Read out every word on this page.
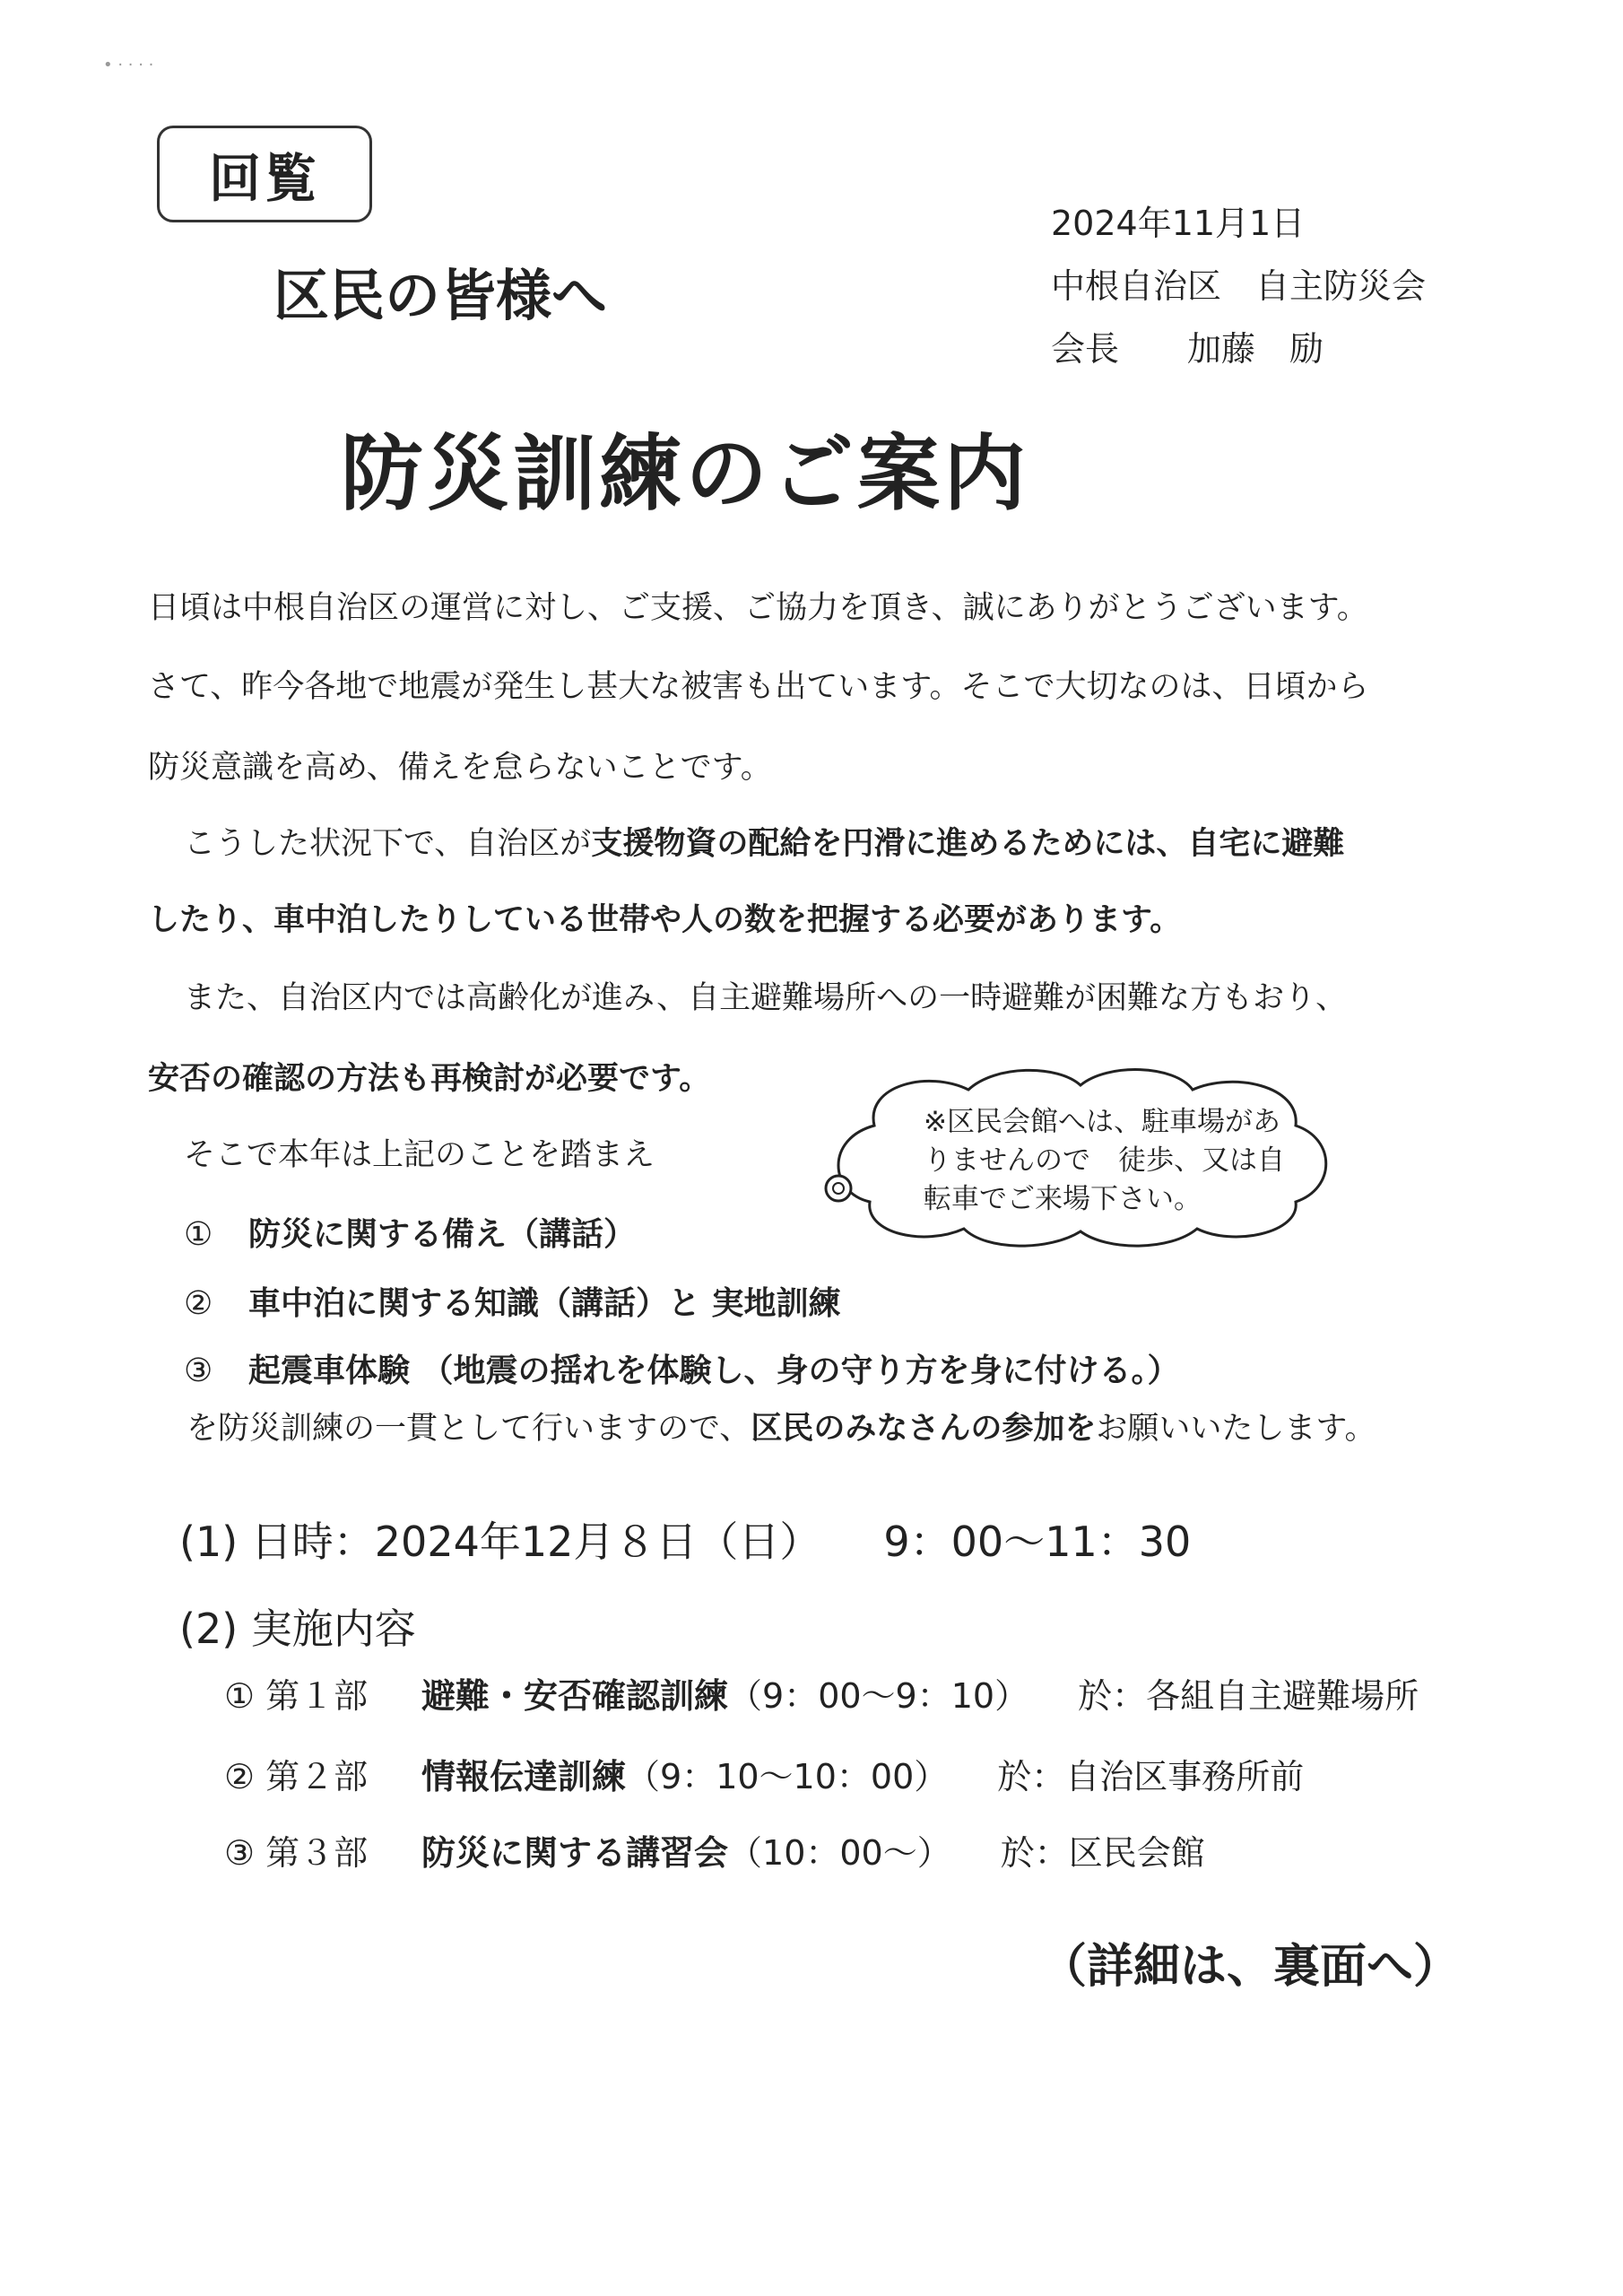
• · · · ·
回覧
区民の皆様へ
2024年11月1日
中根自治区　自主防災会
会長　　加藤　励
防災訓練のご案内
日頃は中根自治区の運営に対し、ご支援、ご協力を頂き、誠にありがとうございます。
さて、昨今各地で地震が発生し甚大な被害も出ています。そこで大切なのは、日頃から
防災意識を高め、備えを怠らないことです。
こうした状況下で、自治区が支援物資の配給を円滑に進めるためには、自宅に避難
したり、車中泊したりしている世帯や人の数を把握する必要があります。
また、自治区内では高齢化が進み、自主避難場所への一時避難が困難な方もおり、
安否の確認の方法も再検討が必要です。
そこで本年は上記のことを踏まえ
※区民会館へは、駐車場があ
りませんので　徒歩、又は自
転車でご来場下さい。
① 防災に関する備え（講話）
② 車中泊に関する知識（講話）と 実地訓練
③ 起震車体験 （地震の揺れを体験し、身の守り方を身に付ける。）
を防災訓練の一貫として行いますので、区民のみなさんの参加をお願いいたします。
(1) 日時：2024年12月８日（日） 9：00～11：30
(2) 実施内容
① 第１部 避難・安否確認訓練（9：00～9：10） 於：各組自主避難場所
② 第２部 情報伝達訓練（9：10～10：00） 於：自治区事務所前
③ 第３部 防災に関する講習会（10：00～） 於：区民会館
（詳細は、裏面へ）
